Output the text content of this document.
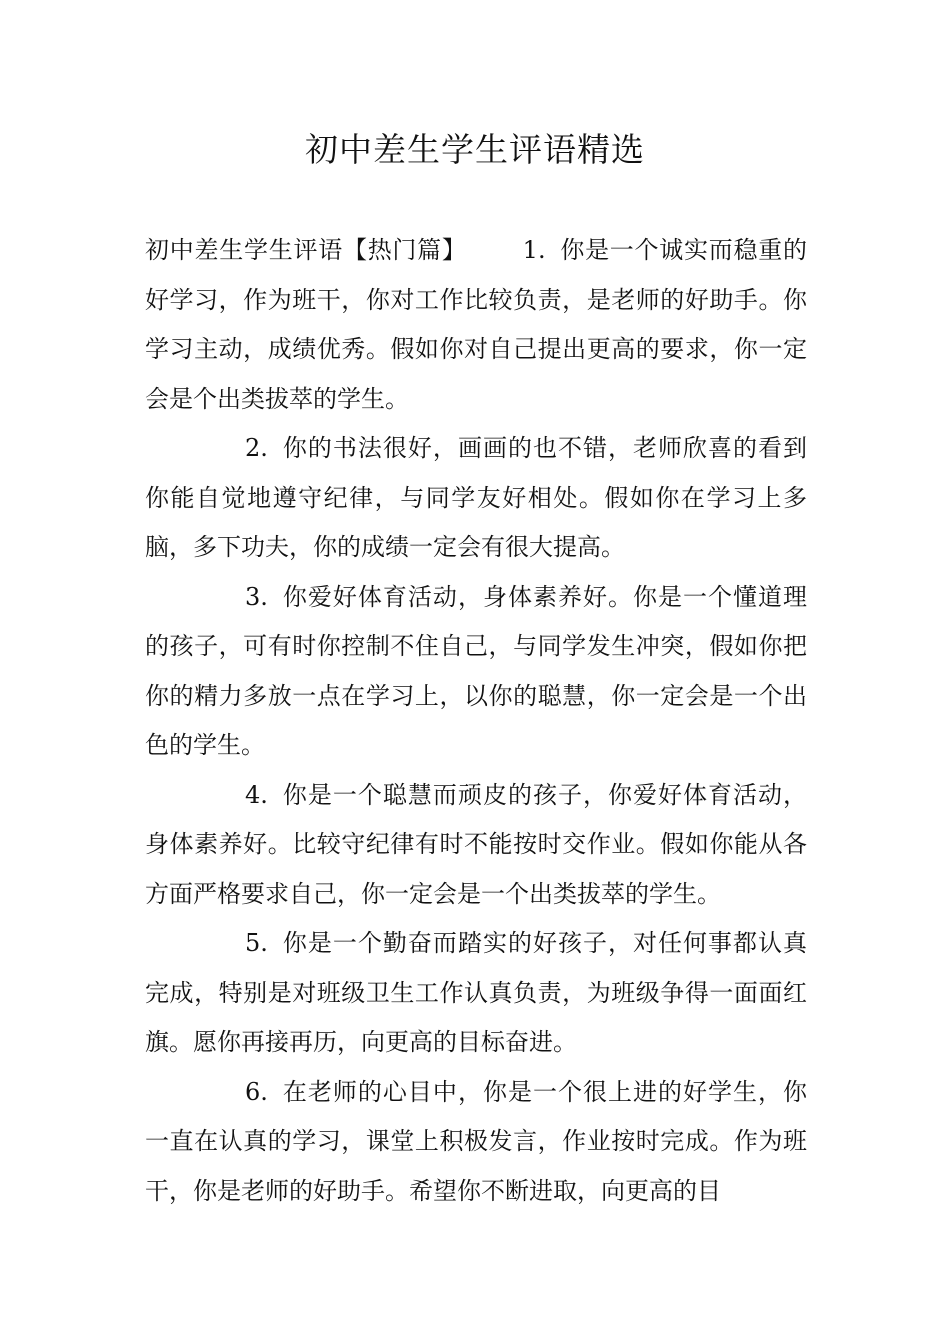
初中差生学生评语精选

初中差生学生评语【热门篇】 1. 你是一个诚实而稳重的好学习，作为班干，你对工作比较负责，是老师的好助手。你学习主动，成绩优秀。假如你对自己提出更高的要求，你一定会是个出类拔萃的学生。

2. 你的书法很好，画画的也不错，老师欣喜的看到你能自觉地遵守纪律，与同学友好相处。假如你在学习上多脑，多下功夫，你的成绩一定会有很大提高。

3. 你爱好体育活动，身体素养好。你是一个懂道理的孩子，可有时你控制不住自己，与同学发生冲突，假如你把你的精力多放一点在学习上，以你的聪慧，你一定会是一个出色的学生。

4. 你是一个聪慧而顽皮的孩子，你爱好体育活动，身体素养好。比较守纪律有时不能按时交作业。假如你能从各方面严格要求自己，你一定会是一个出类拔萃的学生。

5. 你是一个勤奋而踏实的好孩子，对任何事都认真完成，特别是对班级卫生工作认真负责，为班级争得一面面红旗。愿你再接再历，向更高的目标奋进。

6. 在老师的心目中，你是一个很上进的好学生，你一直在认真的学习，课堂上积极发言，作业按时完成。作为班干，你是老师的好助手。希望你不断进取，向更高的目
